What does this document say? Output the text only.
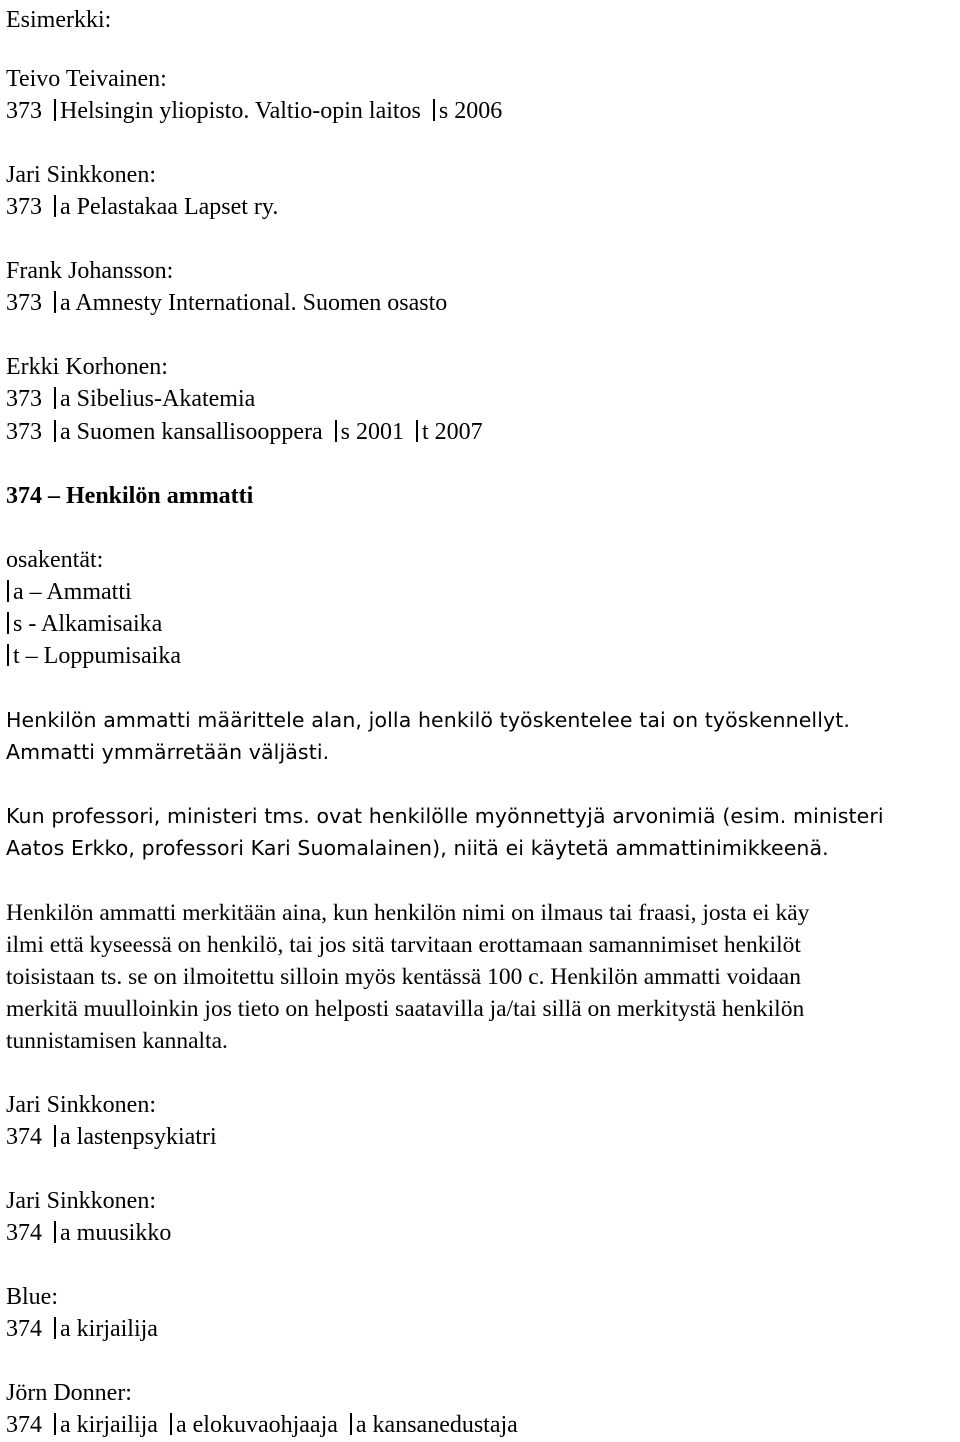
Esimerkki:
Teivo Teivainen:
373 Helsingin yliopisto. Valtio-opin laitos s 2006
Jari Sinkkonen:
373 a Pelastakaa Lapset ry.
Frank Johansson:
373 a Amnesty International. Suomen osasto
Erkki Korhonen:
373 a Sibelius-Akatemia
373 a Suomen kansallisooppera s 2001 t 2007
374 – Henkilön ammatti
osakentät:
a – Ammatti
s - Alkamisaika
t – Loppumisaika
Henkilön ammatti määrittele alan, jolla henkilö työskentelee tai on työskennellyt.
Ammatti ymmärretään väljästi.
Kun professori, ministeri tms. ovat henkilölle myönnettyjä arvonimiä (esim. ministeri
Aatos Erkko, professori Kari Suomalainen), niitä ei käytetä ammattinimikkeenä.
Henkilön ammatti merkitään aina, kun henkilön nimi on ilmaus tai fraasi, josta ei käy
ilmi että kyseessä on henkilö, tai jos sitä tarvitaan erottamaan samannimiset henkilöt
toisistaan ts. se on ilmoitettu silloin myös kentässä 100 c. Henkilön ammatti voidaan
merkitä muulloinkin jos tieto on helposti saatavilla ja/tai sillä on merkitystä henkilön
tunnistamisen kannalta.
Jari Sinkkonen:
374 a lastenpsykiatri
Jari Sinkkonen:
374 a muusikko
Blue:
374 a kirjailija
Jörn Donner:
374 a kirjailija a elokuvaohjaaja a kansanedustaja
